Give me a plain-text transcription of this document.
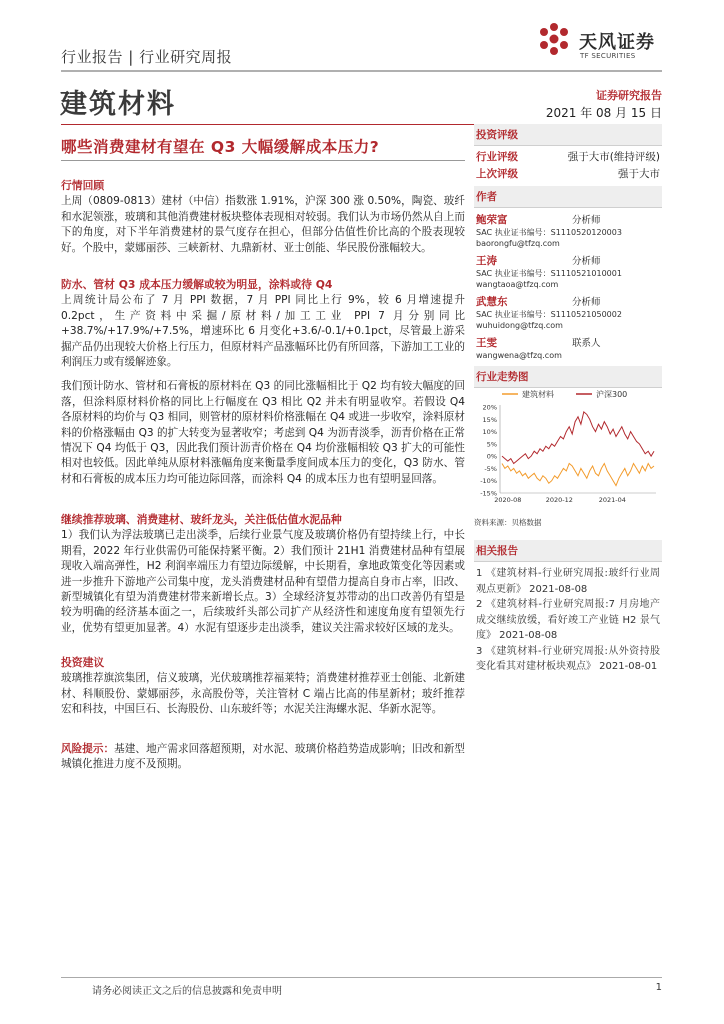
行业报告 | 行业研究周报
天风证券
TF SECURITIES
建筑材料	证券研究报告
2021 年 08 月 15 日
哪些消费建材有望在 Q3 大幅缓解成本压力?
行情回顾

上周（0809-0813）建材（中信）指数涨 1.91%，沪深 300 涨 0.50%，陶瓷、玻纤和水泥领涨，玻璃和其他消费建材板块整体表现相对较弱。我们认为市场仍然从自上而下的角度，对下半年消费建材的景气度存在担心，但部分估值性价比高的个股表现较好。个股中，蒙娜丽莎、三峡新材、九鼎新材、亚士创能、华民股份涨幅较大。

防水、管材 Q3 成本压力缓解或较为明显，涂料或待 Q4

上周统计局公布了 7 月 PPI 数据，7 月 PPI 同比上行 9%，较 6 月增速提升 0.2pct，生产资料中采掘/原材料/加工工业 PPI 7 月分别同比 +38.7%/+17.9%/+7.5%，增速环比 6 月变化+3.6/-0.1/+0.1pct，尽管最上游采掘产品仍出现较大价格上行压力，但原材料产品涨幅环比仍有所回落，下游加工工业的利润压力或有缓解迹象。

我们预计防水、管材和石膏板的原材料在 Q3 的同比涨幅相比于 Q2 均有较大幅度的回落，但涂料原材料价格的同比上行幅度在 Q3 相比 Q2 并未有明显收窄。若假设 Q4 各原材料的均价与 Q3 相同，则管材的原材料价格涨幅在 Q4 或进一步收窄，涂料原材料的价格涨幅由 Q3 的扩大转变为显著收窄；考虑到 Q4 为沥青淡季，沥青价格在正常情况下 Q4 均低于 Q3，因此我们预计沥青价格在 Q4 均价涨幅相较 Q3 扩大的可能性相对也较低。因此单纯从原材料涨幅角度来衡量季度间成本压力的变化，Q3 防水、管材和石膏板的成本压力均可能边际回落，而涂料 Q4 的成本压力也有望明显回落。

继续推荐玻璃、消费建材、玻纤龙头，关注低估值水泥品种

1）我们认为浮法玻璃已走出淡季，后续行业景气度及玻璃价格仍有望持续上行，中长期看，2022 年行业供需仍可能保持紧平衡。2）我们预计 21H1 消费建材品种有望展现收入端高弹性，H2 利润率端压力有望边际缓解，中长期看，拿地政策变化等因素或进一步推升下游地产公司集中度，龙头消费建材品种有望借力提高自身市占率，旧改、新型城镇化有望为消费建材带来新增长点。3）全球经济复苏带动的出口改善仍有望是较为明确的经济基本面之一，后续玻纤头部公司扩产从经济性和速度角度有望领先行业，优势有望更加显著。4）水泥有望逐步走出淡季，建议关注需求较好区域的龙头。

投资建议

玻璃推荐旗滨集团，信义玻璃，光伏玻璃推荐福莱特；消费建材推荐亚士创能、北新建材、科顺股份、蒙娜丽莎，永高股份等，关注管材 C 端占比高的伟星新材；玻纤推荐宏和科技，中国巨石、长海股份、山东玻纤等；水泥关注海螺水泥、华新水泥等。

风险提示：基建、地产需求回落超预期，对水泥、玻璃价格趋势造成影响；旧改和新型城镇化推进力度不及预期。

投资评级
行业评级	强于大市(维持评级)
上次评级	强于大市
作者
鲍荣富	分析师
SAC 执业证书编号：S1110520120003
baorongfu@tfzq.com
王涛	分析师
SAC 执业证书编号：S1110521010001
wangtaoa@tfzq.com
武慧东	分析师
SAC 执业证书编号：S1110521050002
wuhuidong@tfzq.com
王雯	联系人
wangwena@tfzq.com
行业走势图
建筑材料	沪深300
20%
15%
10%
5%
0%
-5%
-10%
-15%
2020-08	2020-12	2021-04
资料来源：贝格数据
相关报告
1 《建筑材料-行业研究周报:玻纤行业周观点更新》 2021-08-08
2 《建筑材料-行业研究周报:7 月房地产成交继续放缓，看好竣工产业链 H2 景气度》 2021-08-08
3 《建筑材料-行业研究周报:从外资持股变化看其对建材板块观点》 2021-08-01
请务必阅读正文之后的信息披露和免责申明	1
